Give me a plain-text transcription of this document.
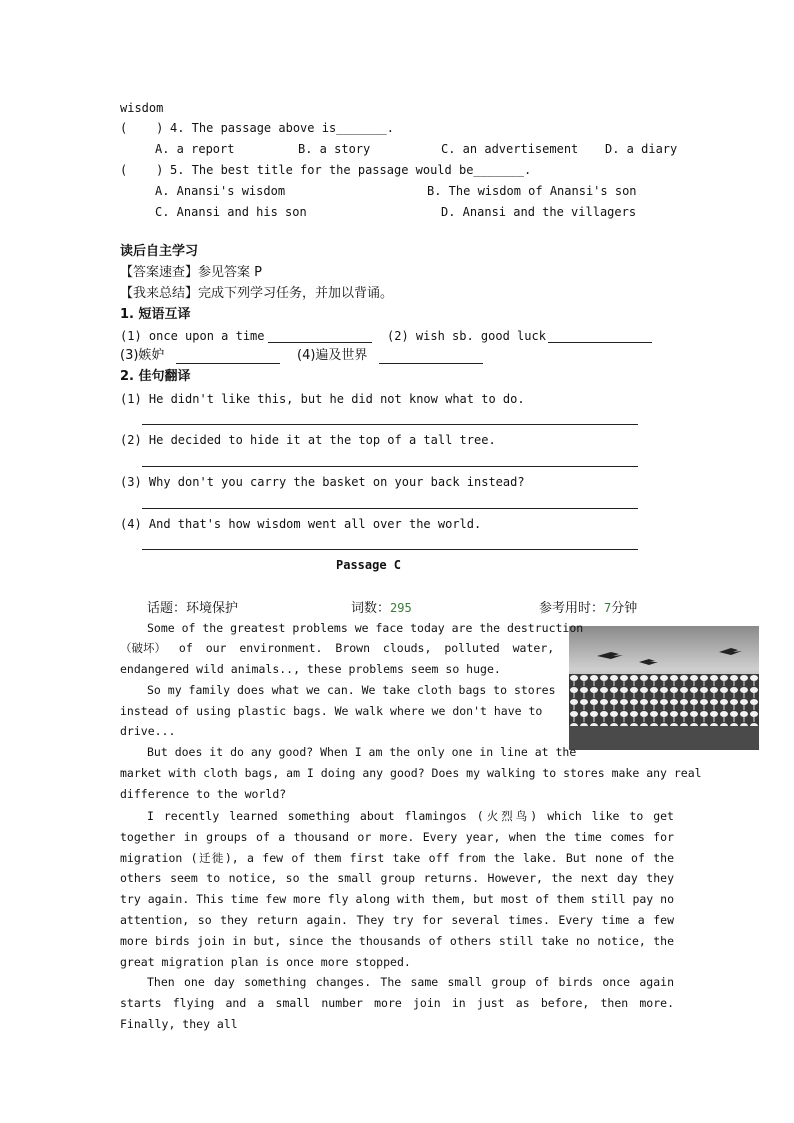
wisdom
(    ) 4. The passage above is_______.
A. a report	B. a story	C. an advertisement D. a diary
(    ) 5. The best title for the passage would be_______.
A. Anansi's wisdom	B. The wisdom of Anansi's son
C. Anansi and his son	D. Anansi and the villagers
读后自主学习
【答案速查】参见答案 P
【我来总结】完成下列学习任务，并加以背诵。
1. 短语互译
(1) once upon a time	(2) wish sb. good luck
(3)嫉妒	(4)遍及世界
2. 佳句翻译
(1) He didn't like this, but he did not know what to do.
(2) He decided to hide it at the top of a tall tree.
(3) Why don't you carry the basket on your back instead?
(4) And that's how wisdom went all over the world.
Passage C
话题：环境保护	词数：295	参考用时：7分钟
Some of the greatest problems we face today are the destruction
（破坏） of our environment. Brown clouds, polluted water,
endangered wild animals.., these problems seem so huge.
So my family does what we can. We take cloth bags to stores
instead of using plastic bags. We walk where we don't have to
drive...
But does it do any good? When I am the only one in line at the
market with cloth bags, am I doing any good? Does my walking to stores make any real
difference to the world?

I recently learned something about flamingos (火烈鸟) which like to get together in groups of a thousand or more. Every year, when the time comes for migration (迁徙), a few of them first take off from the lake. But none of the others seem to notice, so the small group returns. However, the next day they try again. This time few more fly along with them, but most of them still pay no attention, so they return again. They try for several times. Every time a few more birds join in but, since the thousands of others still take no notice, the great migration plan is once more stopped.

Then one day something changes. The same small group of birds once again starts flying and a small number more join in just as before, then more. Finally, they all
